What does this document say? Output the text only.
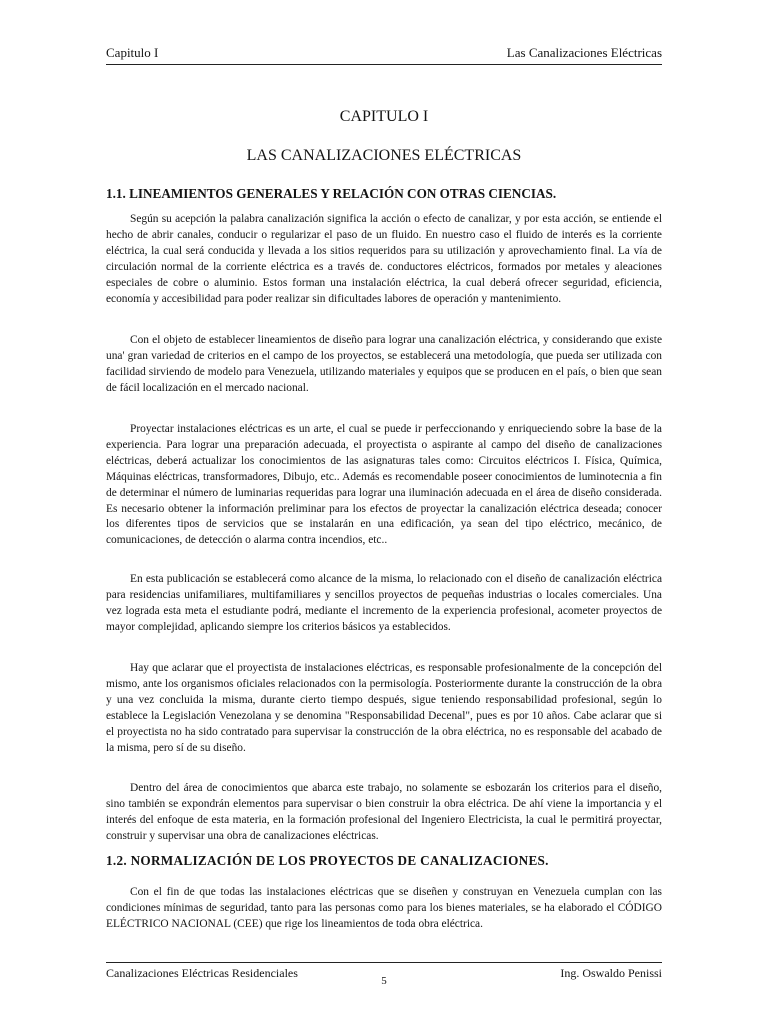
Capitulo I	Las Canalizaciones Eléctricas
CAPITULO I
LAS CANALIZACIONES ELÉCTRICAS
1.1. LINEAMIENTOS GENERALES Y RELACIÓN CON OTRAS CIENCIAS.

Según su acepción la palabra canalización significa la acción o efecto de canalizar, y por esta acción, se entiende el hecho de abrir canales, conducir o regularizar el paso de un fluido. En nuestro caso el fluido de interés es la corriente eléctrica, la cual será conducida y llevada a los sitios requeridos para su utilización y aprovechamiento final. La vía de circulación normal de la corriente eléctrica es a través de. conductores eléctricos, formados por metales y aleaciones especiales de cobre o aluminio. Estos forman una instalación eléctrica, la cual deberá ofrecer seguridad, eficiencia, economía y accesibilidad para poder realizar sin dificultades labores de operación y mantenimiento.

Con el objeto de establecer lineamientos de diseño para lograr una canalización eléctrica, y considerando que existe una' gran variedad de criterios en el campo de los proyectos, se establecerá una metodología, que pueda ser utilizada con facilidad sirviendo de modelo para Venezuela, utilizando materiales y equipos que se producen en el país, o bien que sean de fácil localización en el mercado nacional.

Proyectar instalaciones eléctricas es un arte, el cual se puede ir perfeccionando y enriqueciendo sobre la base de la experiencia. Para lograr una preparación adecuada, el proyectista o aspirante al campo del diseño de canalizaciones eléctricas, deberá actualizar los conocimientos de las asignaturas tales como: Circuitos eléctricos I. Física, Química, Máquinas eléctricas, transformadores, Dibujo, etc.. Además es recomendable poseer conocimientos de luminotecnia a fin de determinar el número de luminarias requeridas para lograr una iluminación adecuada en el área de diseño considerada. Es necesario obtener la información preliminar para los efectos de proyectar la canalización eléctrica deseada; conocer los diferentes tipos de servicios que se instalarán en una edificación, ya sean del tipo eléctrico, mecánico, de comunicaciones, de detección o alarma contra incendios, etc..

En esta publicación se establecerá como alcance de la misma, lo relacionado con el diseño de canalización eléctrica para residencias unifamiliares, multifamiliares y sencillos proyectos de pequeñas industrias o locales comerciales. Una vez lograda esta meta el estudiante podrá, mediante el incremento de la experiencia profesional, acometer proyectos de mayor complejidad, aplicando siempre los criterios básicos ya establecidos.

Hay que aclarar que el proyectista de instalaciones eléctricas, es responsable profesionalmente de la concepción del mismo, ante los organismos oficiales relacionados con la permisología. Posteriormente durante la construcción de la obra y una vez concluida la misma, durante cierto tiempo después, sigue teniendo responsabilidad profesional, según lo establece la Legislación Venezolana y se denomina "Responsabilidad Decenal", pues es por 10 años. Cabe aclarar que si el proyectista no ha sido contratado para supervisar la construcción de la obra eléctrica, no es responsable del acabado de la misma, pero sí de su diseño.

Dentro del área de conocimientos que abarca este trabajo, no solamente se esbozarán los criterios para el diseño, sino también se expondrán elementos para supervisar o bien construir la obra eléctrica. De ahí viene la importancia y el interés del enfoque de esta materia, en la formación profesional del Ingeniero Electricista, la cual le permitirá proyectar, construir y supervisar una obra de canalizaciones eléctricas.

1.2. NORMALIZACIÓN DE LOS PROYECTOS DE CANALIZACIONES.

Con el fin de que todas las instalaciones eléctricas que se diseñen y construyan en Venezuela cumplan con las condiciones mínimas de seguridad, tanto para las personas como para los bienes materiales, se ha elaborado el CÓDIGO ELÉCTRICO NACIONAL (CEE) que rige los lineamientos de toda obra eléctrica.

Canalizaciones Eléctricas Residenciales	Ing. Oswaldo Penissi
5
